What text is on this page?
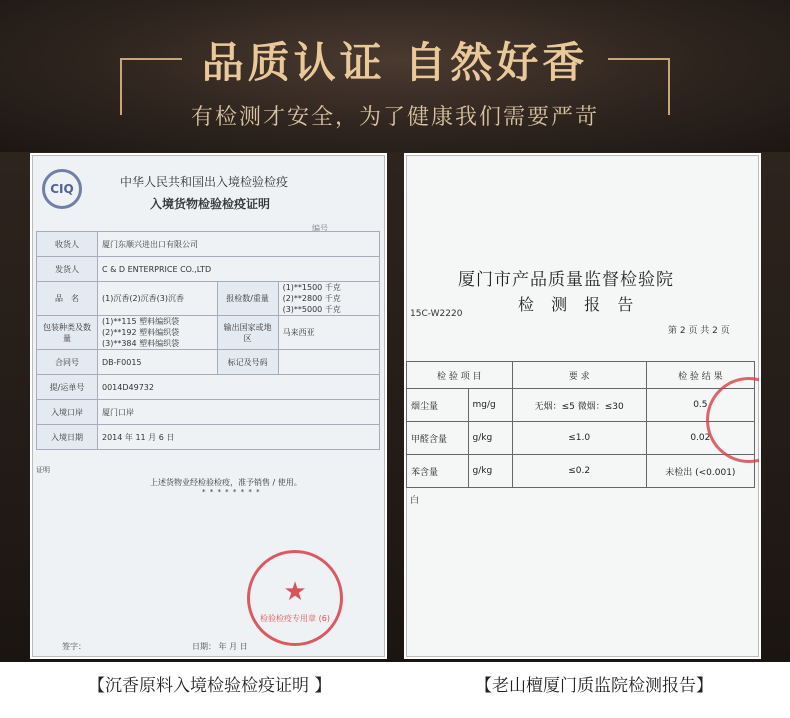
品质认证 自然好香
有检测才安全，为了健康我们需要严苛
CIQ	中华人民共和国出入境检验检疫
入境货物检验检疫证明
编号
收货人	厦门东顺兴进出口有限公司		
发货人	C & D ENTERPRICE CO.,LTD		
品　名	(1)沉香(2)沉香(3)沉香	报检数/重量	(1)**1500 千克 (2)**2800 千克 (3)**5000 千克
包装种类及数量	(1)**115 塑料编织袋 (2)**192 塑料编织袋 (3)**384 塑料编织袋	输出国家或地区	马来西亚
合同号	DB-F0015	标记及号码	
提/运单号	0014D49732		
入境口岸	厦门口岸		
入境日期	2014 年 11 月 6 日		
证明
上述货物业经检验检疫，准予销售 / 使用。
* * * * * * * *
★
检验检疫专用章 (6)
签字：	日期： 年 月 日
厦门市产品质量监督检验院
检 测 报 告
15C-W2220
第 2 页 共 2 页
检 验 项 目		要 求	检 验 结 果
烟尘量	mg/g	无烟：≤5 微烟：≤30	0.5
甲醛含量	g/kg	≤1.0	0.02
苯含量	g/kg	≤0.2	未检出 (<0.001)
白
【沉香原料入境检验检疫证明 】	【老山檀厦门质监院检测报告】
